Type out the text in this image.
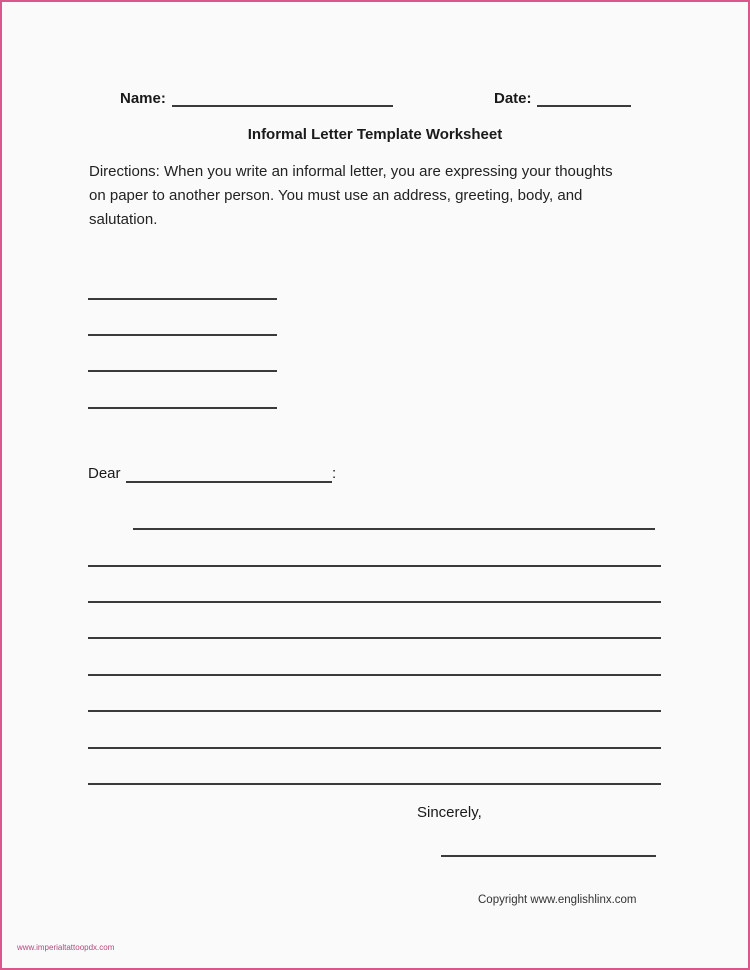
Name:	Date:
Informal Letter Template Worksheet
Directions: When you write an informal letter, you are expressing your thoughts
on paper to another person. You must use an address, greeting, body, and
salutation.
Dear	:
Sincerely,
Copyright www.englishlinx.com
www.imperialtattoopdx.com
